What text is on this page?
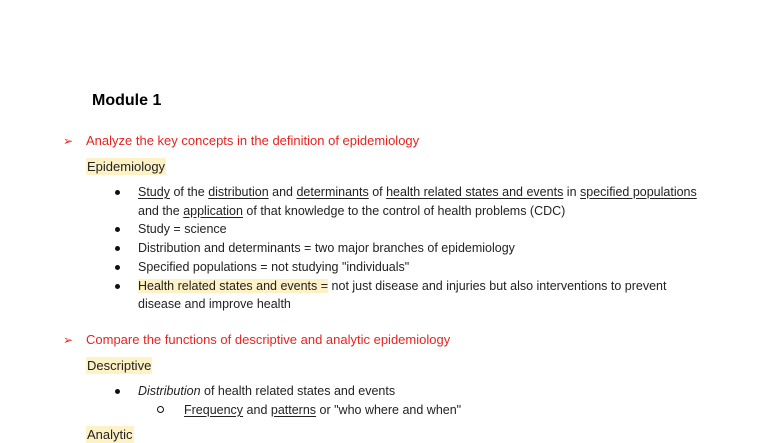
Module 1
➢ Analyze the key concepts in the definition of epidemiology
Epidemiology
Study of the distribution and determinants of health related states and events in specified populations and the application of that knowledge to the control of health problems (CDC)
Study = science
Distribution and determinants = two major branches of epidemiology
Specified populations = not studying "individuals"
Health related states and events = not just disease and injuries but also interventions to prevent disease and improve health
➢ Compare the functions of descriptive and analytic epidemiology
Descriptive
Distribution of health related states and events
Frequency and patterns or "who where and when"
Analytic
